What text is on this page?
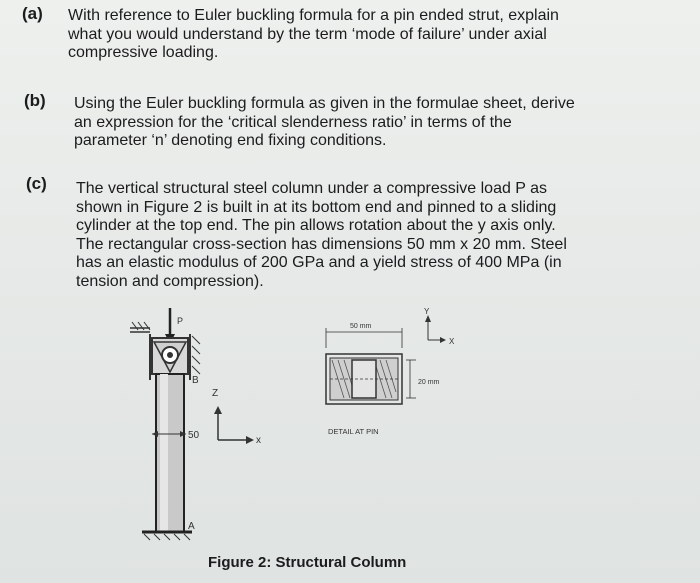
(a) With reference to Euler buckling formula for a pin ended strut, explain
what you would understand by the term ‘mode of failure’ under axial
compressive loading.
(b) Using the Euler buckling formula as given in the formulae sheet, derive
an expression for the ‘critical slenderness ratio’ in terms of the
parameter ‘n’ denoting end fixing conditions.
(c) The vertical structural steel column under a compressive load P as
shown in Figure 2 is built in at its bottom end and pinned to a sliding
cylinder at the top end. The pin allows rotation about the y axis only.
The rectangular cross-section has dimensions 50 mm x 20 mm. Steel
has an elastic modulus of 200 GPa and a yield stress of 400 MPa (in
tension and compression).
P
B
A
50
Z
x
50 mm
20 mm
Y
X
DETAIL AT PIN
Figure 2: Structural Column
